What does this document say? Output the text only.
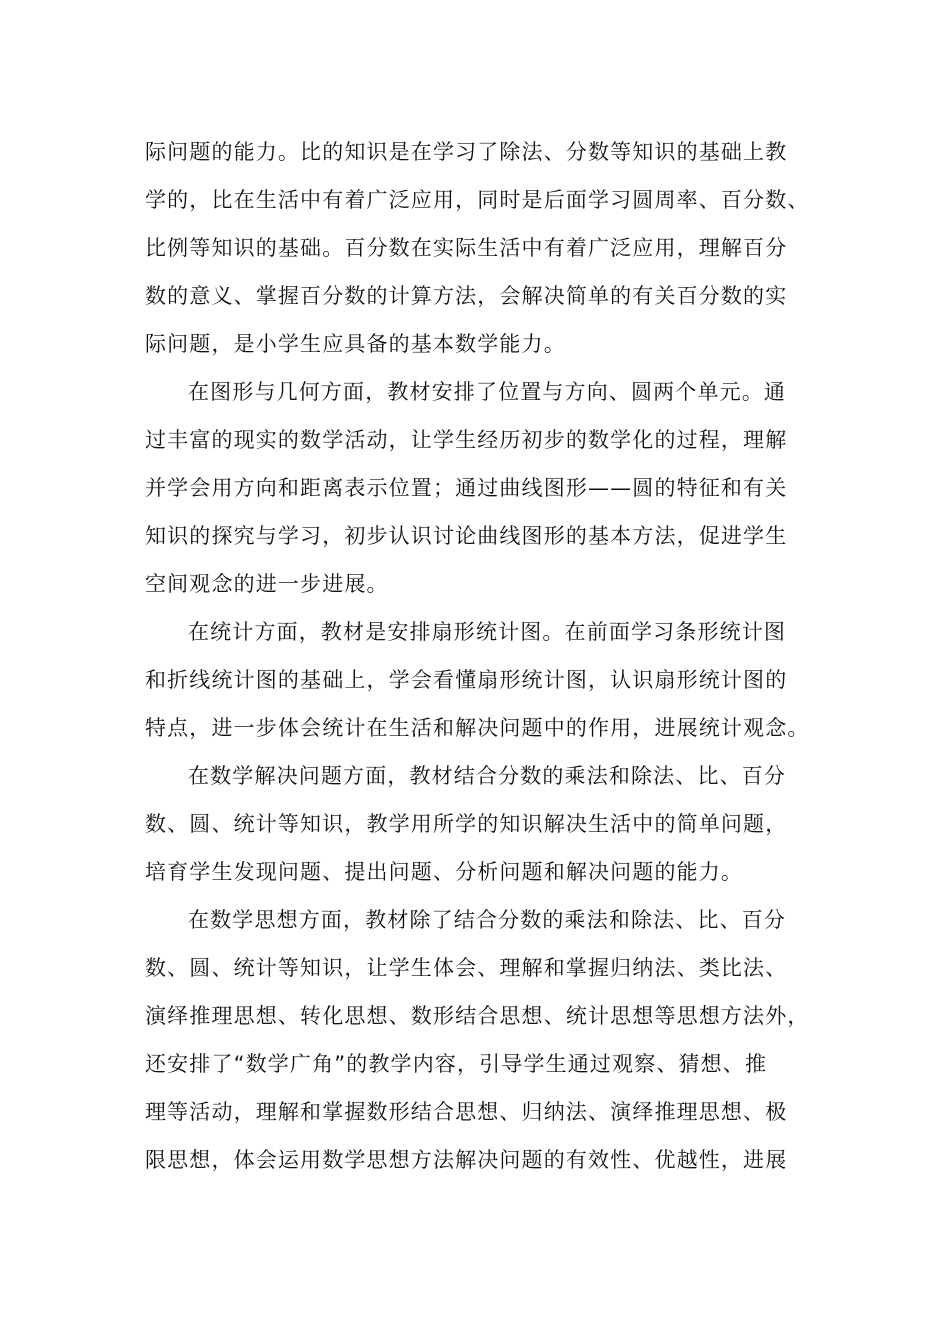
际问题的能力。比的知识是在学习了除法、分数等知识的基础上教
学的，比在生活中有着广泛应用，同时是后面学习圆周率、百分数、
比例等知识的基础。百分数在实际生活中有着广泛应用，理解百分
数的意义、掌握百分数的计算方法，会解决简单的有关百分数的实
际问题，是小学生应具备的基本数学能力。
在图形与几何方面，教材安排了位置与方向、圆两个单元。通
过丰富的现实的数学活动，让学生经历初步的数学化的过程，理解
并学会用方向和距离表示位置；通过曲线图形——圆的特征和有关
知识的探究与学习，初步认识讨论曲线图形的基本方法，促进学生
空间观念的进一步进展。
在统计方面，教材是安排扇形统计图。在前面学习条形统计图
和折线统计图的基础上，学会看懂扇形统计图，认识扇形统计图的
特点，进一步体会统计在生活和解决问题中的作用，进展统计观念。
在数学解决问题方面，教材结合分数的乘法和除法、比、百分
数、圆、统计等知识，教学用所学的知识解决生活中的简单问题，
培育学生发现问题、提出问题、分析问题和解决问题的能力。
在数学思想方面，教材除了结合分数的乘法和除法、比、百分
数、圆、统计等知识，让学生体会、理解和掌握归纳法、类比法、
演绎推理思想、转化思想、数形结合思想、统计思想等思想方法外，
还安排了“数学广角”的教学内容，引导学生通过观察、猜想、推
理等活动，理解和掌握数形结合思想、归纳法、演绎推理思想、极
限思想，体会运用数学思想方法解决问题的有效性、优越性，进展
